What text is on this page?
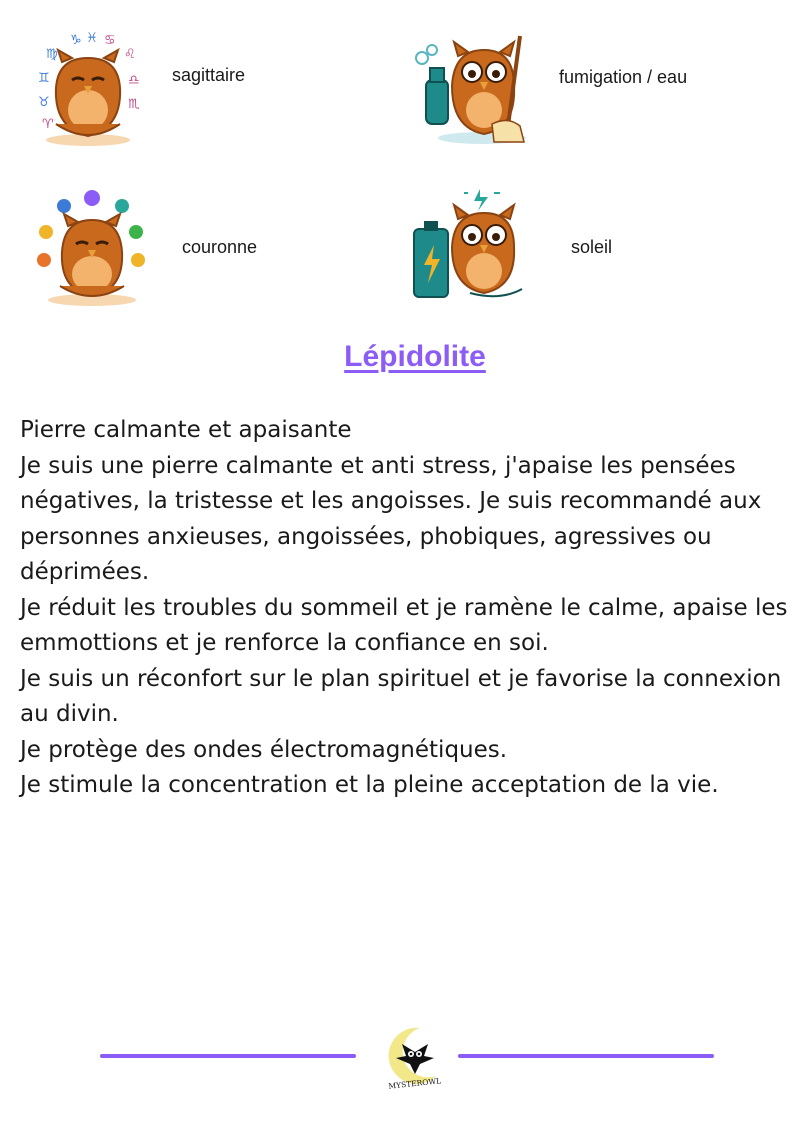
♑ ♓ ♋
♌
♎
♏
♍
♊
♉
♈
sagittaire	fumigation / eau
couronne	soleil
Lépidolite

Pierre calmante et apaisante

Je suis une pierre calmante et anti stress, j'apaise les pensées négatives, la tristesse et les angoisses. Je suis recommandé aux personnes anxieuses, angoissées, phobiques, agressives ou déprimées.

Je réduit les troubles du sommeil et je ramène le calme, apaise les emmottions et je renforce la confiance en soi.

Je suis un réconfort sur le plan spirituel et je favorise la connexion au divin.

Je protège des ondes électromagnétiques.

Je stimule la concentration et la pleine acceptation de la vie.

MYSTEROWL
